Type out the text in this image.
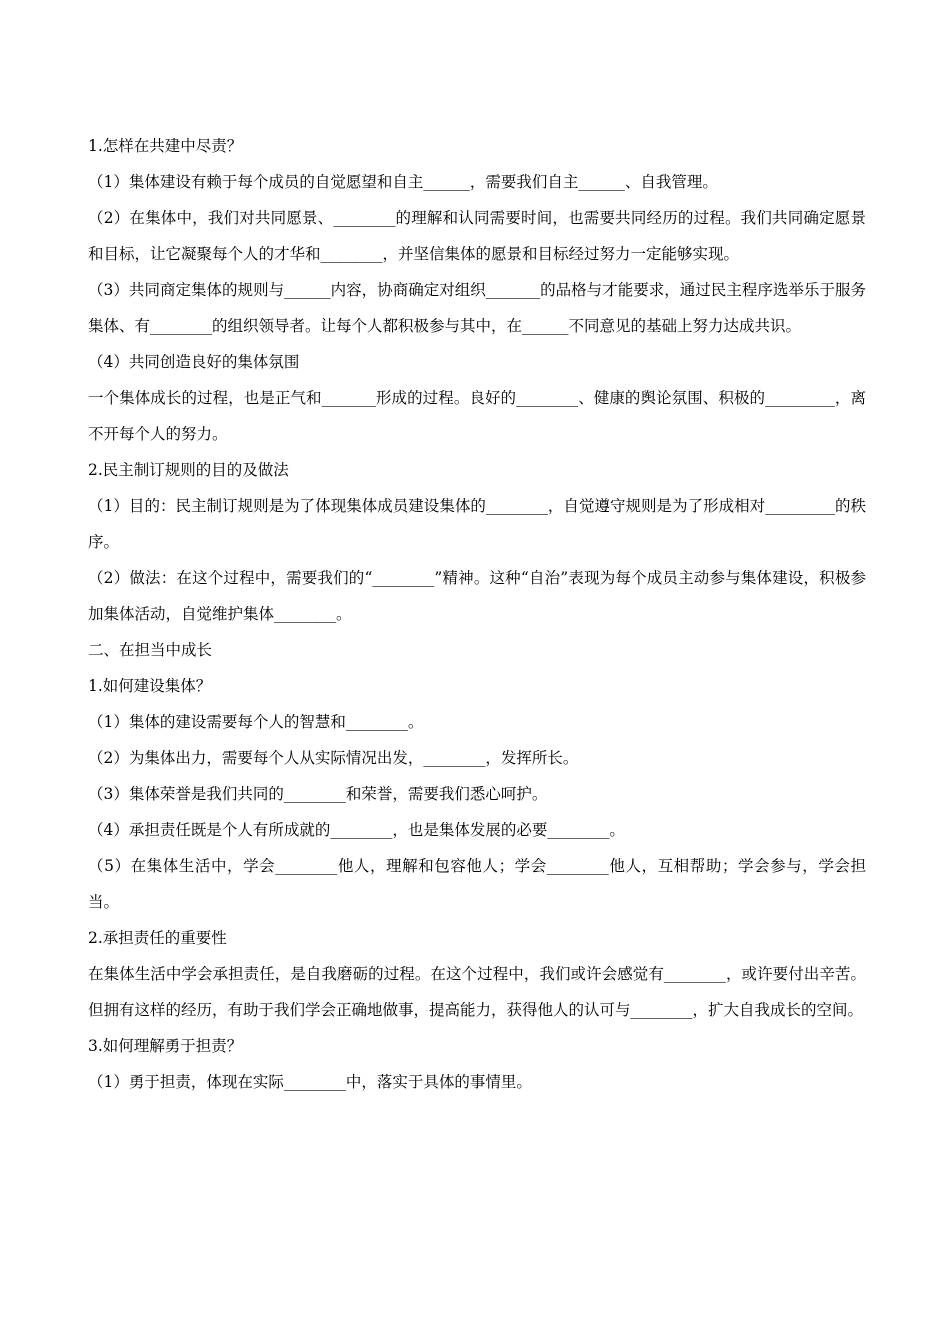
1.怎样在共建中尽责？

（1）集体建设有赖于每个成员的自觉愿望和自主______，需要我们自主______、自我管理。

（2）在集体中，我们对共同愿景、________的理解和认同需要时间，也需要共同经历的过程。我们共同确定愿景和目标，让它凝聚每个人的才华和________，并坚信集体的愿景和目标经过努力一定能够实现。

（3）共同商定集体的规则与______内容，协商确定对组织_______的品格与才能要求，通过民主程序选举乐于服务集体、有________的组织领导者。让每个人都积极参与其中，在______不同意见的基础上努力达成共识。

（4）共同创造良好的集体氛围

一个集体成长的过程，也是正气和_______形成的过程。良好的________、健康的舆论氛围、积极的_________，离不开每个人的努力。

2.民主制订规则的目的及做法

（1）目的：民主制订规则是为了体现集体成员建设集体的________，自觉遵守规则是为了形成相对_________的秩序。

（2）做法：在这个过程中，需要我们的“________”精神。这种“自治”表现为每个成员主动参与集体建设，积极参加集体活动，自觉维护集体________。

二、在担当中成长

1.如何建设集体？

（1）集体的建设需要每个人的智慧和________。

（2）为集体出力，需要每个人从实际情况出发，________，发挥所长。

（3）集体荣誉是我们共同的________和荣誉，需要我们悉心呵护。

（4）承担责任既是个人有所成就的________，也是集体发展的必要________。

（5）在集体生活中，学会________他人，理解和包容他人；学会________他人，互相帮助；学会参与，学会担当。

2.承担责任的重要性

在集体生活中学会承担责任，是自我磨砺的过程。在这个过程中，我们或许会感觉有________，或许要付出辛苦。但拥有这样的经历，有助于我们学会正确地做事，提高能力，获得他人的认可与________，扩大自我成长的空间。

3.如何理解勇于担责？

（1）勇于担责，体现在实际________中，落实于具体的事情里。
